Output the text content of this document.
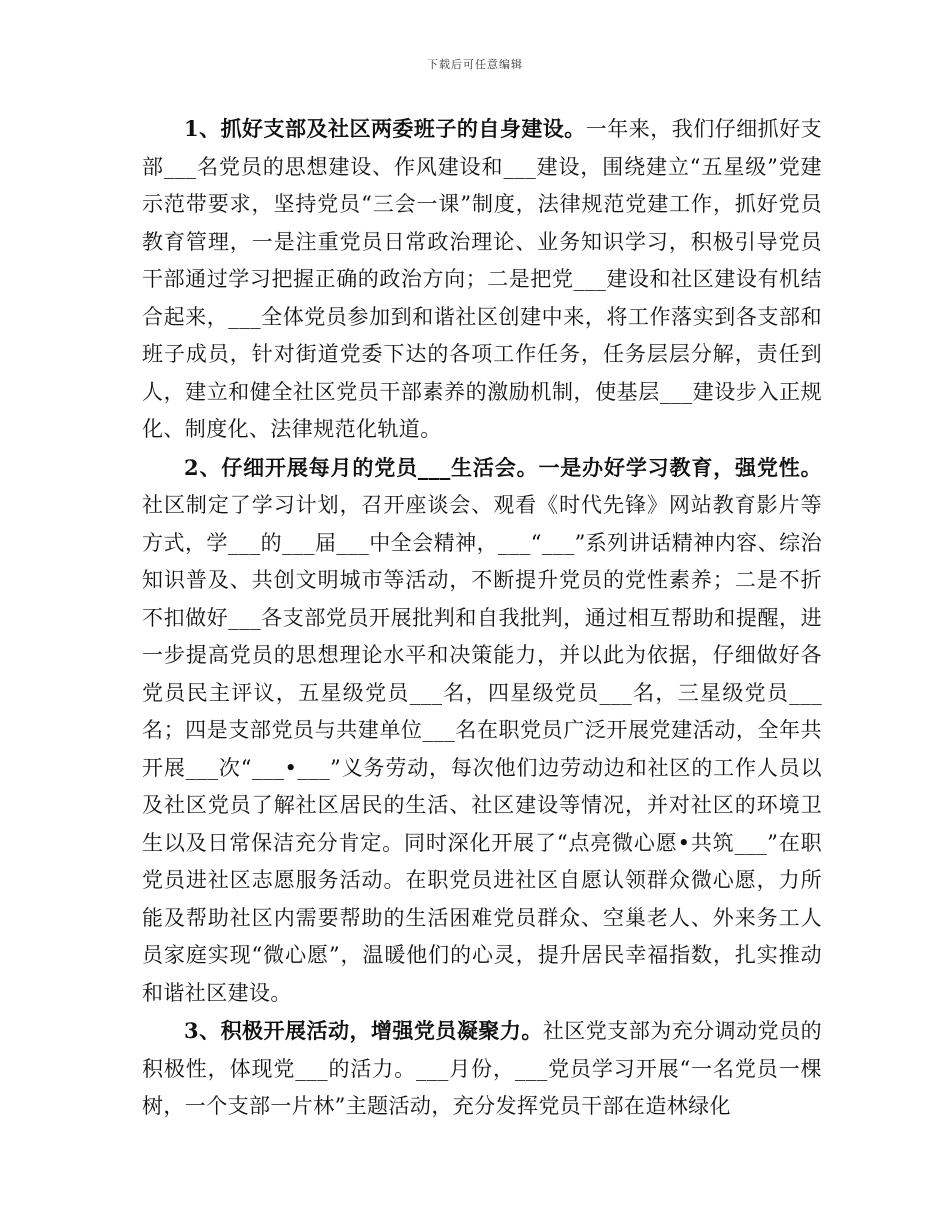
下载后可任意编辑

1、抓好支部及社区两委班子的自身建设。一年来，我们仔细抓好支部___名党员的思想建设、作风建设和___建设，围绕建立“五星级”党建示范带要求，坚持党员“三会一课”制度，法律规范党建工作，抓好党员教育管理，一是注重党员日常政治理论、业务知识学习，积极引导党员干部通过学习把握正确的政治方向；二是把党___建设和社区建设有机结合起来，___全体党员参加到和谐社区创建中来，将工作落实到各支部和班子成员，针对街道党委下达的各项工作任务，任务层层分解，责任到人，建立和健全社区党员干部素养的激励机制，使基层___建设步入正规化、制度化、法律规范化轨道。

2、仔细开展每月的党员___生活会。一是办好学习教育，强党性。社区制定了学习计划，召开座谈会、观看《时代先锋》网站教育影片等方式，学___的___届___中全会精神，___“___”系列讲话精神内容、综治知识普及、共创文明城市等活动，不断提升党员的党性素养；二是不折不扣做好___各支部党员开展批判和自我批判，通过相互帮助和提醒，进一步提高党员的思想理论水平和决策能力，并以此为依据，仔细做好各党员民主评议，五星级党员___名，四星级党员___名，三星级党员___名；四是支部党员与共建单位___名在职党员广泛开展党建活动，全年共开展___次“___•___”义务劳动，每次他们边劳动边和社区的工作人员以及社区党员了解社区居民的生活、社区建设等情况，并对社区的环境卫生以及日常保洁充分肯定。同时深化开展了“点亮微心愿•共筑___”在职党员进社区志愿服务活动。在职党员进社区自愿认领群众微心愿，力所能及帮助社区内需要帮助的生活困难党员群众、空巢老人、外来务工人员家庭实现“微心愿”，温暖他们的心灵，提升居民幸福指数，扎实推动和谐社区建设。

3、积极开展活动，增强党员凝聚力。社区党支部为充分调动党员的积极性，体现党___的活力。___月份，___党员学习开展“一名党员一棵树，一个支部一片林”主题活动，充分发挥党员干部在造林绿化
